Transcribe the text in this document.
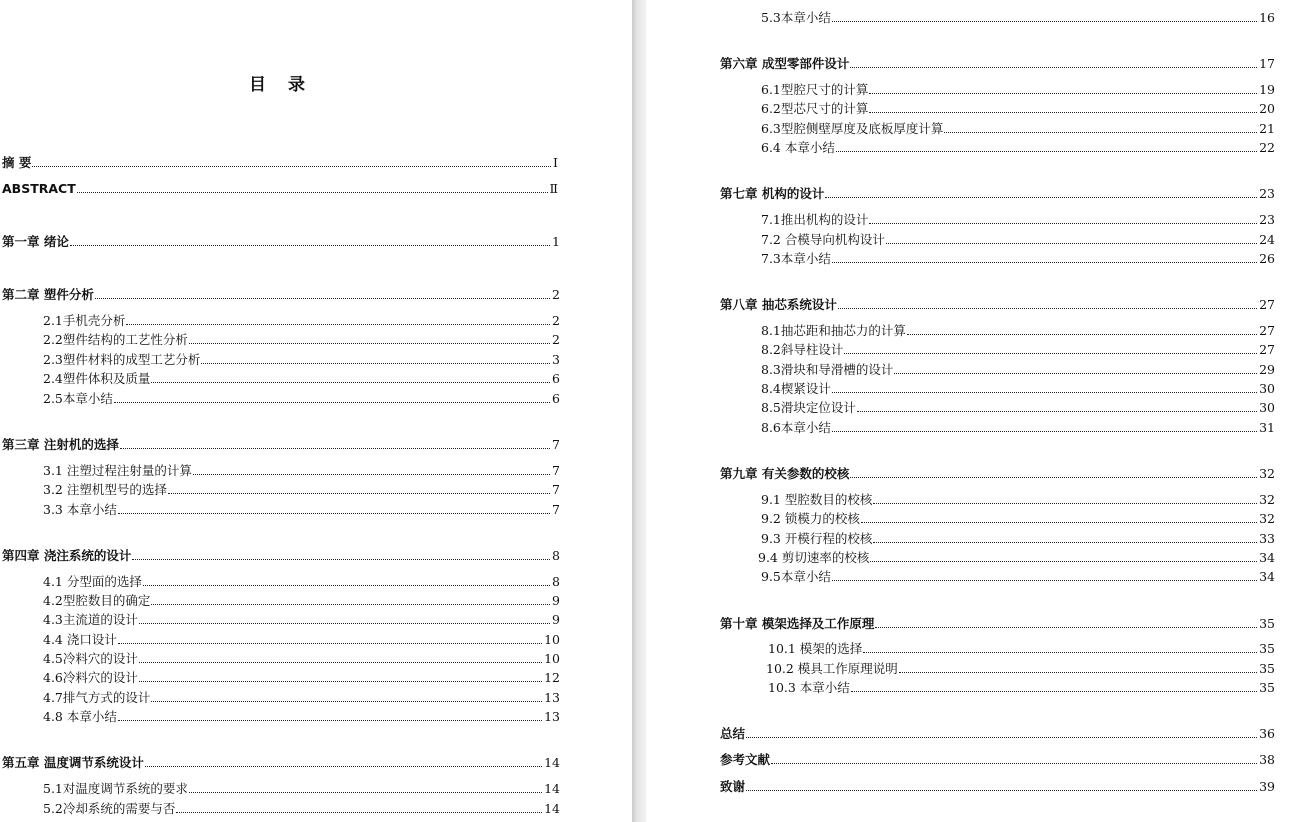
目 录
摘 要	Ⅰ
ABSTRACT	Ⅱ
第一章 绪论	1
第二章 塑件分析	2
2.1手机壳分析	2
2.2塑件结构的工艺性分析	2
2.3塑件材料的成型工艺分析	3
2.4塑件体积及质量	6
2.5本章小结	6
第三章 注射机的选择	7
3.1 注塑过程注射量的计算	7
3.2 注塑机型号的选择	7
3.3 本章小结	7
第四章 浇注系统的设计	8
4.1 分型面的选择	8
4.2型腔数目的确定	9
4.3主流道的设计	9
4.4 浇口设计	10
4.5冷料穴的设计	10
4.6冷料穴的设计	12
4.7排气方式的设计	13
4.8 本章小结	13
第五章 温度调节系统设计	14
5.1对温度调节系统的要求	14
5.2冷却系统的需要与否	14
5.3本章小结	16
第六章 成型零部件设计	17
6.1型腔尺寸的计算	19
6.2型芯尺寸的计算	20
6.3型腔侧壁厚度及底板厚度计算	21
6.4 本章小结	22
第七章 机构的设计	23
7.1推出机构的设计	23
7.2 合模导向机构设计	24
7.3本章小结	26
第八章 抽芯系统设计	27
8.1抽芯距和抽芯力的计算	27
8.2斜导柱设计	27
8.3滑块和导滑槽的设计	29
8.4楔紧设计	30
8.5滑块定位设计	30
8.6本章小结	31
第九章 有关参数的校核	32
9.1 型腔数目的校核	32
9.2 锁模力的校核	32
9.3 开模行程的校核	33
9.4 剪切速率的校核	34
9.5本章小结	34
第十章 模架选择及工作原理	35
10.1 模架的选择	35
10.2 模具工作原理说明	35
10.3 本章小结	35
总结	36
参考文献	38
致谢	39
